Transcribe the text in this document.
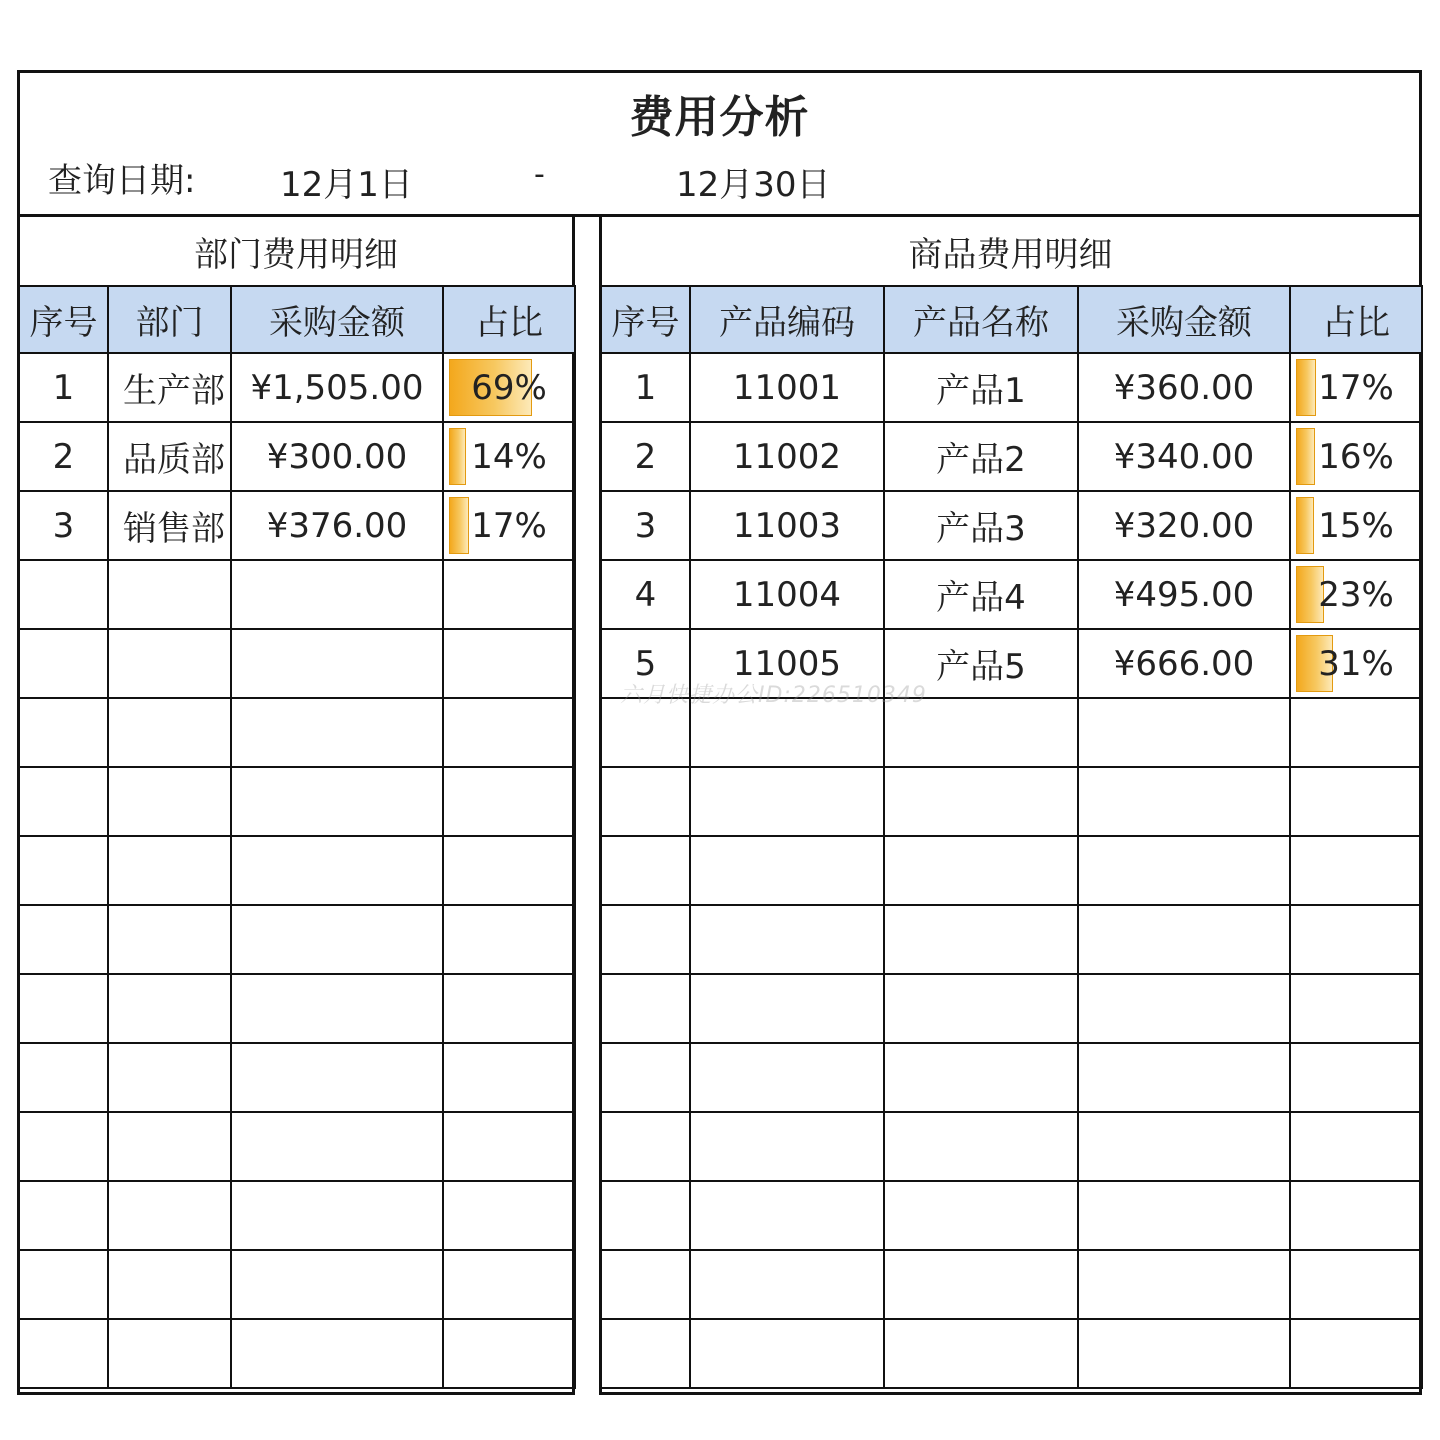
费用分析
查询日期: 12月1日	-	12月30日
部门费用明细
序号	部门	采购金额	占比
1	生产部	¥1,505.00	69%
2	品质部	¥300.00	14%
3	销售部	¥376.00	17%

商品费用明细
序号	产品编码	产品名称	采购金额	占比
1	11001	产品1	¥360.00	17%
2	11002	产品2	¥340.00	16%
3	11003	产品3	¥320.00	15%
4	11004	产品4	¥495.00	23%
5	11005	产品5	¥666.00	31%

六月快捷办公ID:226510349
